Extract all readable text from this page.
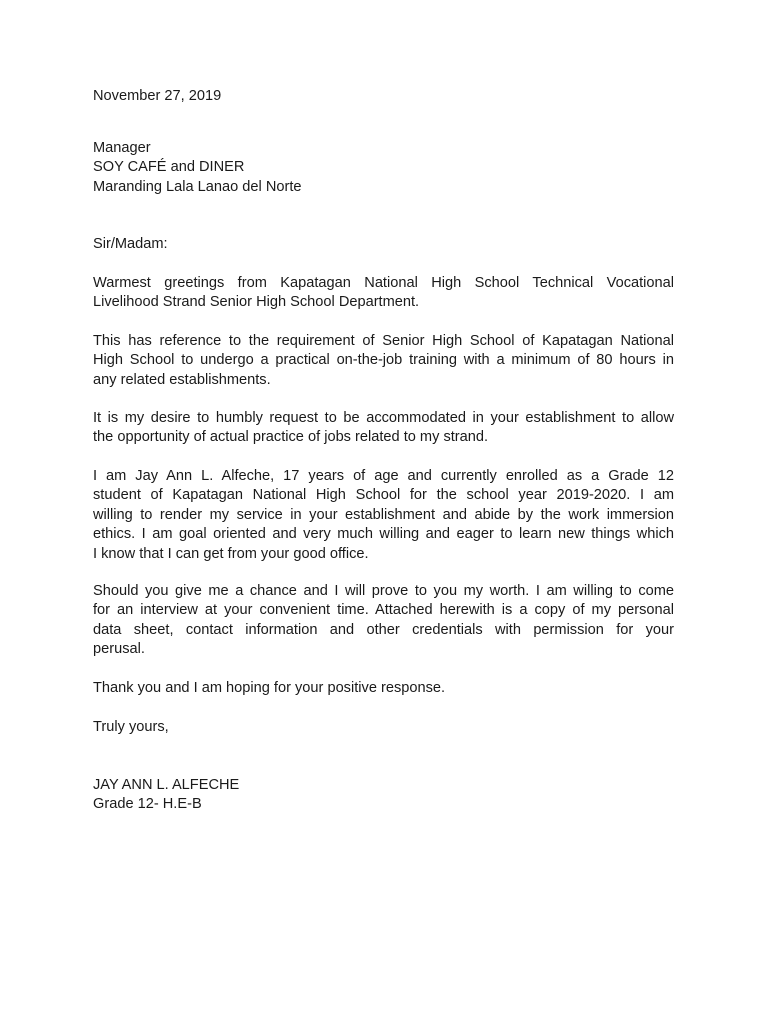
November 27, 2019
Manager
SOY CAFÉ and DINER
Maranding Lala Lanao del Norte
Sir/Madam:
Warmest greetings from Kapatagan National High School Technical Vocational
Livelihood Strand Senior High School Department.
This has reference to the requirement of Senior High School of Kapatagan National
High School to undergo a practical on-the-job training with a minimum of 80 hours in
any related establishments.
It is my desire to humbly request to be accommodated in your establishment to allow
the opportunity of actual practice of jobs related to my strand.
I am Jay Ann L. Alfeche, 17 years of age and currently enrolled as a Grade 12
student of Kapatagan National High School for the school year 2019-2020. I am
willing to render my service in your establishment and abide by the work immersion
ethics. I am goal oriented and very much willing and eager to learn new things which
I know that I can get from your good office.
Should you give me a chance and I will prove to you my worth. I am willing to come
for an interview at your convenient time. Attached herewith is a copy of my personal
data sheet, contact information and other credentials with permission for your
perusal.
Thank you and I am hoping for your positive response.
Truly yours,
JAY ANN L. ALFECHE
Grade 12- H.E-B
